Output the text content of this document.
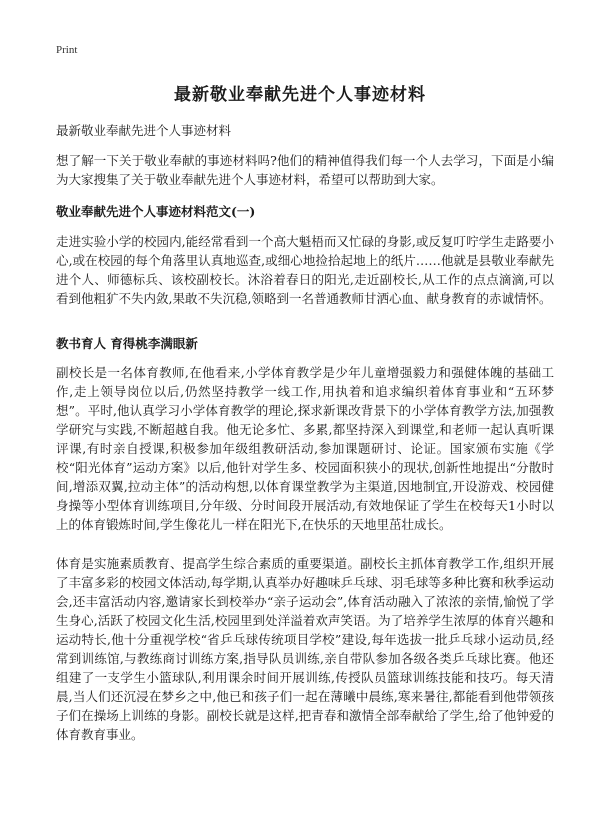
Print
最新敬业奉献先进个人事迹材料
最新敬业奉献先进个人事迹材料
想了解一下关于敬业奉献的事迹材料吗?他们的精神值得我们每一个人去学习，下面是小编为大家搜集了关于敬业奉献先进个人事迹材料，希望可以帮助到大家。
敬业奉献先进个人事迹材料范文(一)
走进实验小学的校园内,能经常看到一个高大魁梧而又忙碌的身影,或反复叮咛学生走路要小心,或在校园的每个角落里认真地巡查,或细心地捡拾起地上的纸片……他就是县敬业奉献先进个人、师德标兵、该校副校长。沐浴着春日的阳光,走近副校长,从工作的点点滴滴,可以看到他粗犷不失内敛,果敢不失沉稳,领略到一名普通教师甘洒心血、献身教育的赤诚情怀。
教书育人 育得桃李满眼新
副校长是一名体育教师,在他看来,小学体育教学是少年儿童增强毅力和强健体魄的基础工作,走上领导岗位以后,仍然坚持教学一线工作,用执着和追求编织着体育事业和“五环梦想”。平时,他认真学习小学体育教学的理论,探求新课改背景下的小学体育教学方法,加强教学研究与实践,不断超越自我。他无论多忙、多累,都坚持深入到课堂,和老师一起认真听课评课,有时亲自授课,积极参加年级组教研活动,参加课题研讨、论证。国家颁布实施《学校“阳光体育”运动方案》以后,他针对学生多、校园面积狭小的现状,创新性地提出“分散时间,增添双翼,拉动主体”的活动构想,以体育课堂教学为主渠道,因地制宜,开设游戏、校园健身操等小型体育训练项目,分年级、分时间段开展活动,有效地保证了学生在校每天1小时以上的体育锻炼时间,学生像花儿一样在阳光下,在快乐的天地里茁壮成长。
体育是实施素质教育、提高学生综合素质的重要渠道。副校长主抓体育教学工作,组织开展了丰富多彩的校园文体活动,每学期,认真举办好趣味乒乓球、羽毛球等多种比赛和秋季运动会,还丰富活动内容,邀请家长到校举办“亲子运动会”,体育活动融入了浓浓的亲情,愉悦了学生身心,活跃了校园文化生活,校园里到处洋溢着欢声笑语。为了培养学生浓厚的体育兴趣和运动特长,他十分重视学校“省乒乓球传统项目学校”建设,每年选拔一批乒乓球小运动员,经常到训练馆,与教练商讨训练方案,指导队员训练,亲自带队参加各级各类乒乓球比赛。他还组建了一支学生小篮球队,利用课余时间开展训练,传授队员篮球训练技能和技巧。每天清晨,当人们还沉浸在梦乡之中,他已和孩子们一起在薄曦中晨练,寒来暑往,都能看到他带领孩子们在操场上训练的身影。副校长就是这样,把青春和激情全部奉献给了学生,给了他钟爱的体育教育事业。
